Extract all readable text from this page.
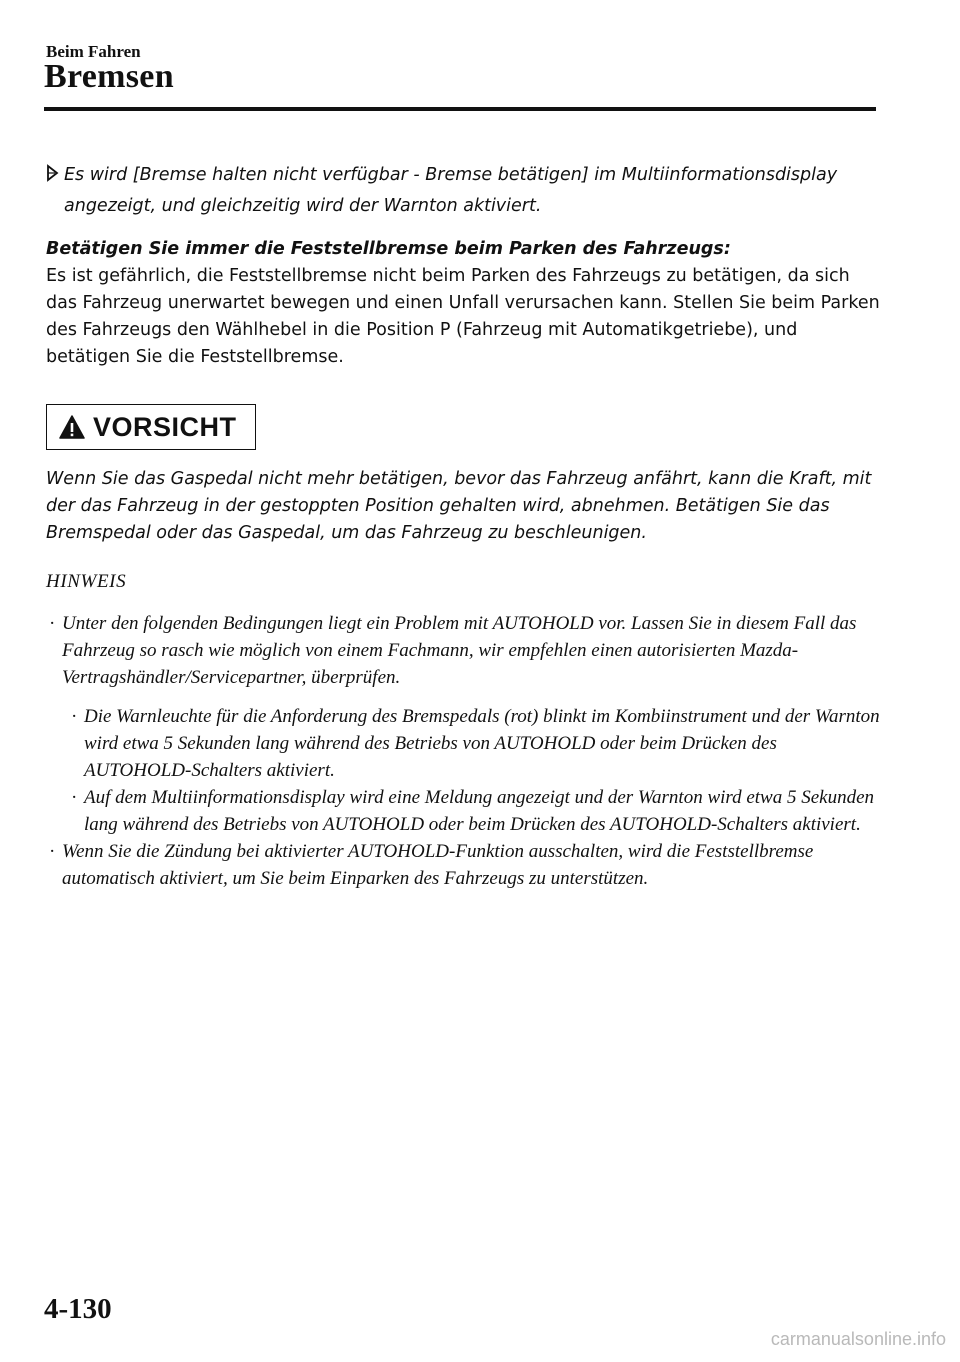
Beim Fahren
Bremsen
Es wird [Bremse halten nicht verfügbar - Bremse betätigen] im Multiinformationsdisplay angezeigt, und gleichzeitig wird der Warnton aktiviert.
Betätigen Sie immer die Feststellbremse beim Parken des Fahrzeugs:
Es ist gefährlich, die Feststellbremse nicht beim Parken des Fahrzeugs zu betätigen, da sich das Fahrzeug unerwartet bewegen und einen Unfall verursachen kann. Stellen Sie beim Parken des Fahrzeugs den Wählhebel in die Position P (Fahrzeug mit Automatikgetriebe), und betätigen Sie die Feststellbremse.
VORSICHT
Wenn Sie das Gaspedal nicht mehr betätigen, bevor das Fahrzeug anfährt, kann die Kraft, mit der das Fahrzeug in der gestoppten Position gehalten wird, abnehmen. Betätigen Sie das Bremspedal oder das Gaspedal, um das Fahrzeug zu beschleunigen.
HINWEIS
· Unter den folgenden Bedingungen liegt ein Problem mit AUTOHOLD vor. Lassen Sie in diesem Fall das Fahrzeug so rasch wie möglich von einem Fachmann, wir empfehlen einen autorisierten Mazda-Vertragshändler/Servicepartner, überprüfen.
· Die Warnleuchte für die Anforderung des Bremspedals (rot) blinkt im Kombiinstrument und der Warnton wird etwa 5 Sekunden lang während des Betriebs von AUTOHOLD oder beim Drücken des AUTOHOLD-Schalters aktiviert.
· Auf dem Multiinformationsdisplay wird eine Meldung angezeigt und der Warnton wird etwa 5 Sekunden lang während des Betriebs von AUTOHOLD oder beim Drücken des AUTOHOLD-Schalters aktiviert.
· Wenn Sie die Zündung bei aktivierter AUTOHOLD-Funktion ausschalten, wird die Feststellbremse automatisch aktiviert, um Sie beim Einparken des Fahrzeugs zu unterstützen.
4-130
carmanualsonline.info
